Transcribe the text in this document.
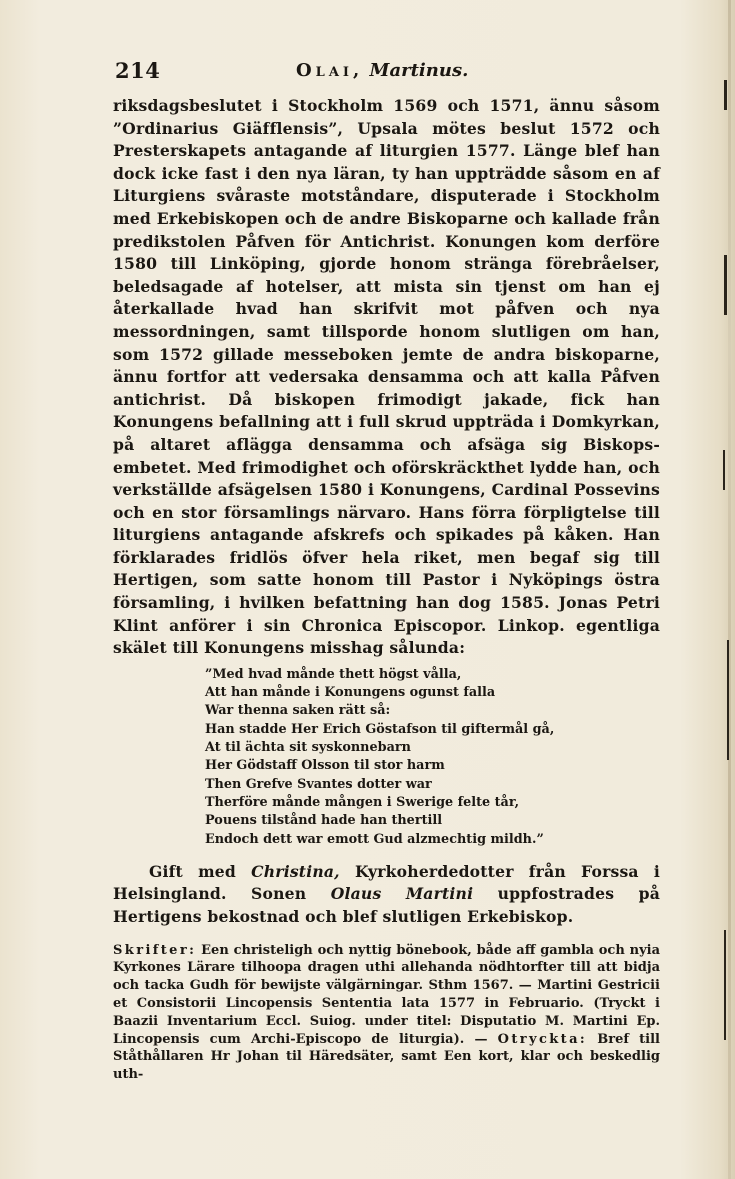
214	Olai, Martinus.

riksdagsbeslutet i Stockholm 1569 och 1571, ännu såsom ”Ordinarius Giäfflensis”, Upsala mötes beslut 1572 och Presterskapets antagande af liturgien 1577. Länge blef han dock icke fast i den nya läran, ty han uppträdde såsom en af Liturgiens svåraste motståndare, disputerade i Stockholm med Erkebiskopen och de andre Biskoparne och kallade från predikstolen Påfven för Antichrist. Konungen kom derföre 1580 till Linköping, gjorde honom stränga förebråelser, beledsagade af hotelser, att mista sin tjenst om han ej återkallade hvad han skrifvit mot påfven och nya messordningen, samt tillsporde honom slutligen om han, som 1572 gillade messeboken jemte de andra biskoparne, ännu fortfor att vedersaka densamma och att kalla Påfven antichrist. Då biskopen frimodigt jakade, fick han Konungens befallning att i full skrud uppträda i Domkyrkan, på altaret aflägga densamma och afsäga sig Biskops-embetet. Med frimodighet och oförskräckthet lydde han, och verkställde afsägelsen 1580 i Konungens, Cardinal Possevins och en stor församlings närvaro. Hans förra förpligtelse till liturgiens antagande afskrefs och spikades på kåken. Han förklarades fridlös öfver hela riket, men begaf sig till Hertigen, som satte honom till Pastor i Nyköpings östra församling, i hvilken befattning han dog 1585. Jonas Petri Klint anförer i sin Chronica Episcopor. Linkop. egentliga skälet till Konungens misshag sålunda:

”Med hvad månde thett högst vålla,
Att han månde i Konungens ogunst falla
War thenna saken rätt så:
Han stadde Her Erich Göstafson til giftermål gå,
At til ächta sit syskonnebarn
Her Gödstaff Olsson til stor harm
Then Grefve Svantes dotter war
Therföre månde mången i Swerige felte tår,
Pouens tilstånd hade han thertill
Endoch dett war emott Gud alzmechtig mildh.”

Gift med Christina, Kyrkoherdedotter från Forssa i Helsingland. Sonen Olaus Martini uppfostrades på Hertigens bekostnad och blef slutligen Erkebiskop.

Skrifter: Een christeligh och nyttig bönebook, både aff gambla och nyia Kyrkones Lärare tilhoopa dragen uthi allehanda nödhtorfter till att bidja och tacka Gudh för bewijste välgärningar. Sthm 1567. — Martini Gestricii et Consistorii Lincopensis Sententia lata 1577 in Februario. (Tryckt i Baazii Inventarium Eccl. Suiog. under titel: Disputatio M. Martini Ep. Lincopensis cum Archi-Episcopo de liturgia). — Otryckta: Bref till Ståthållaren Hr Johan til Häredsäter, samt Een kort, klar och beskedlig uth-
